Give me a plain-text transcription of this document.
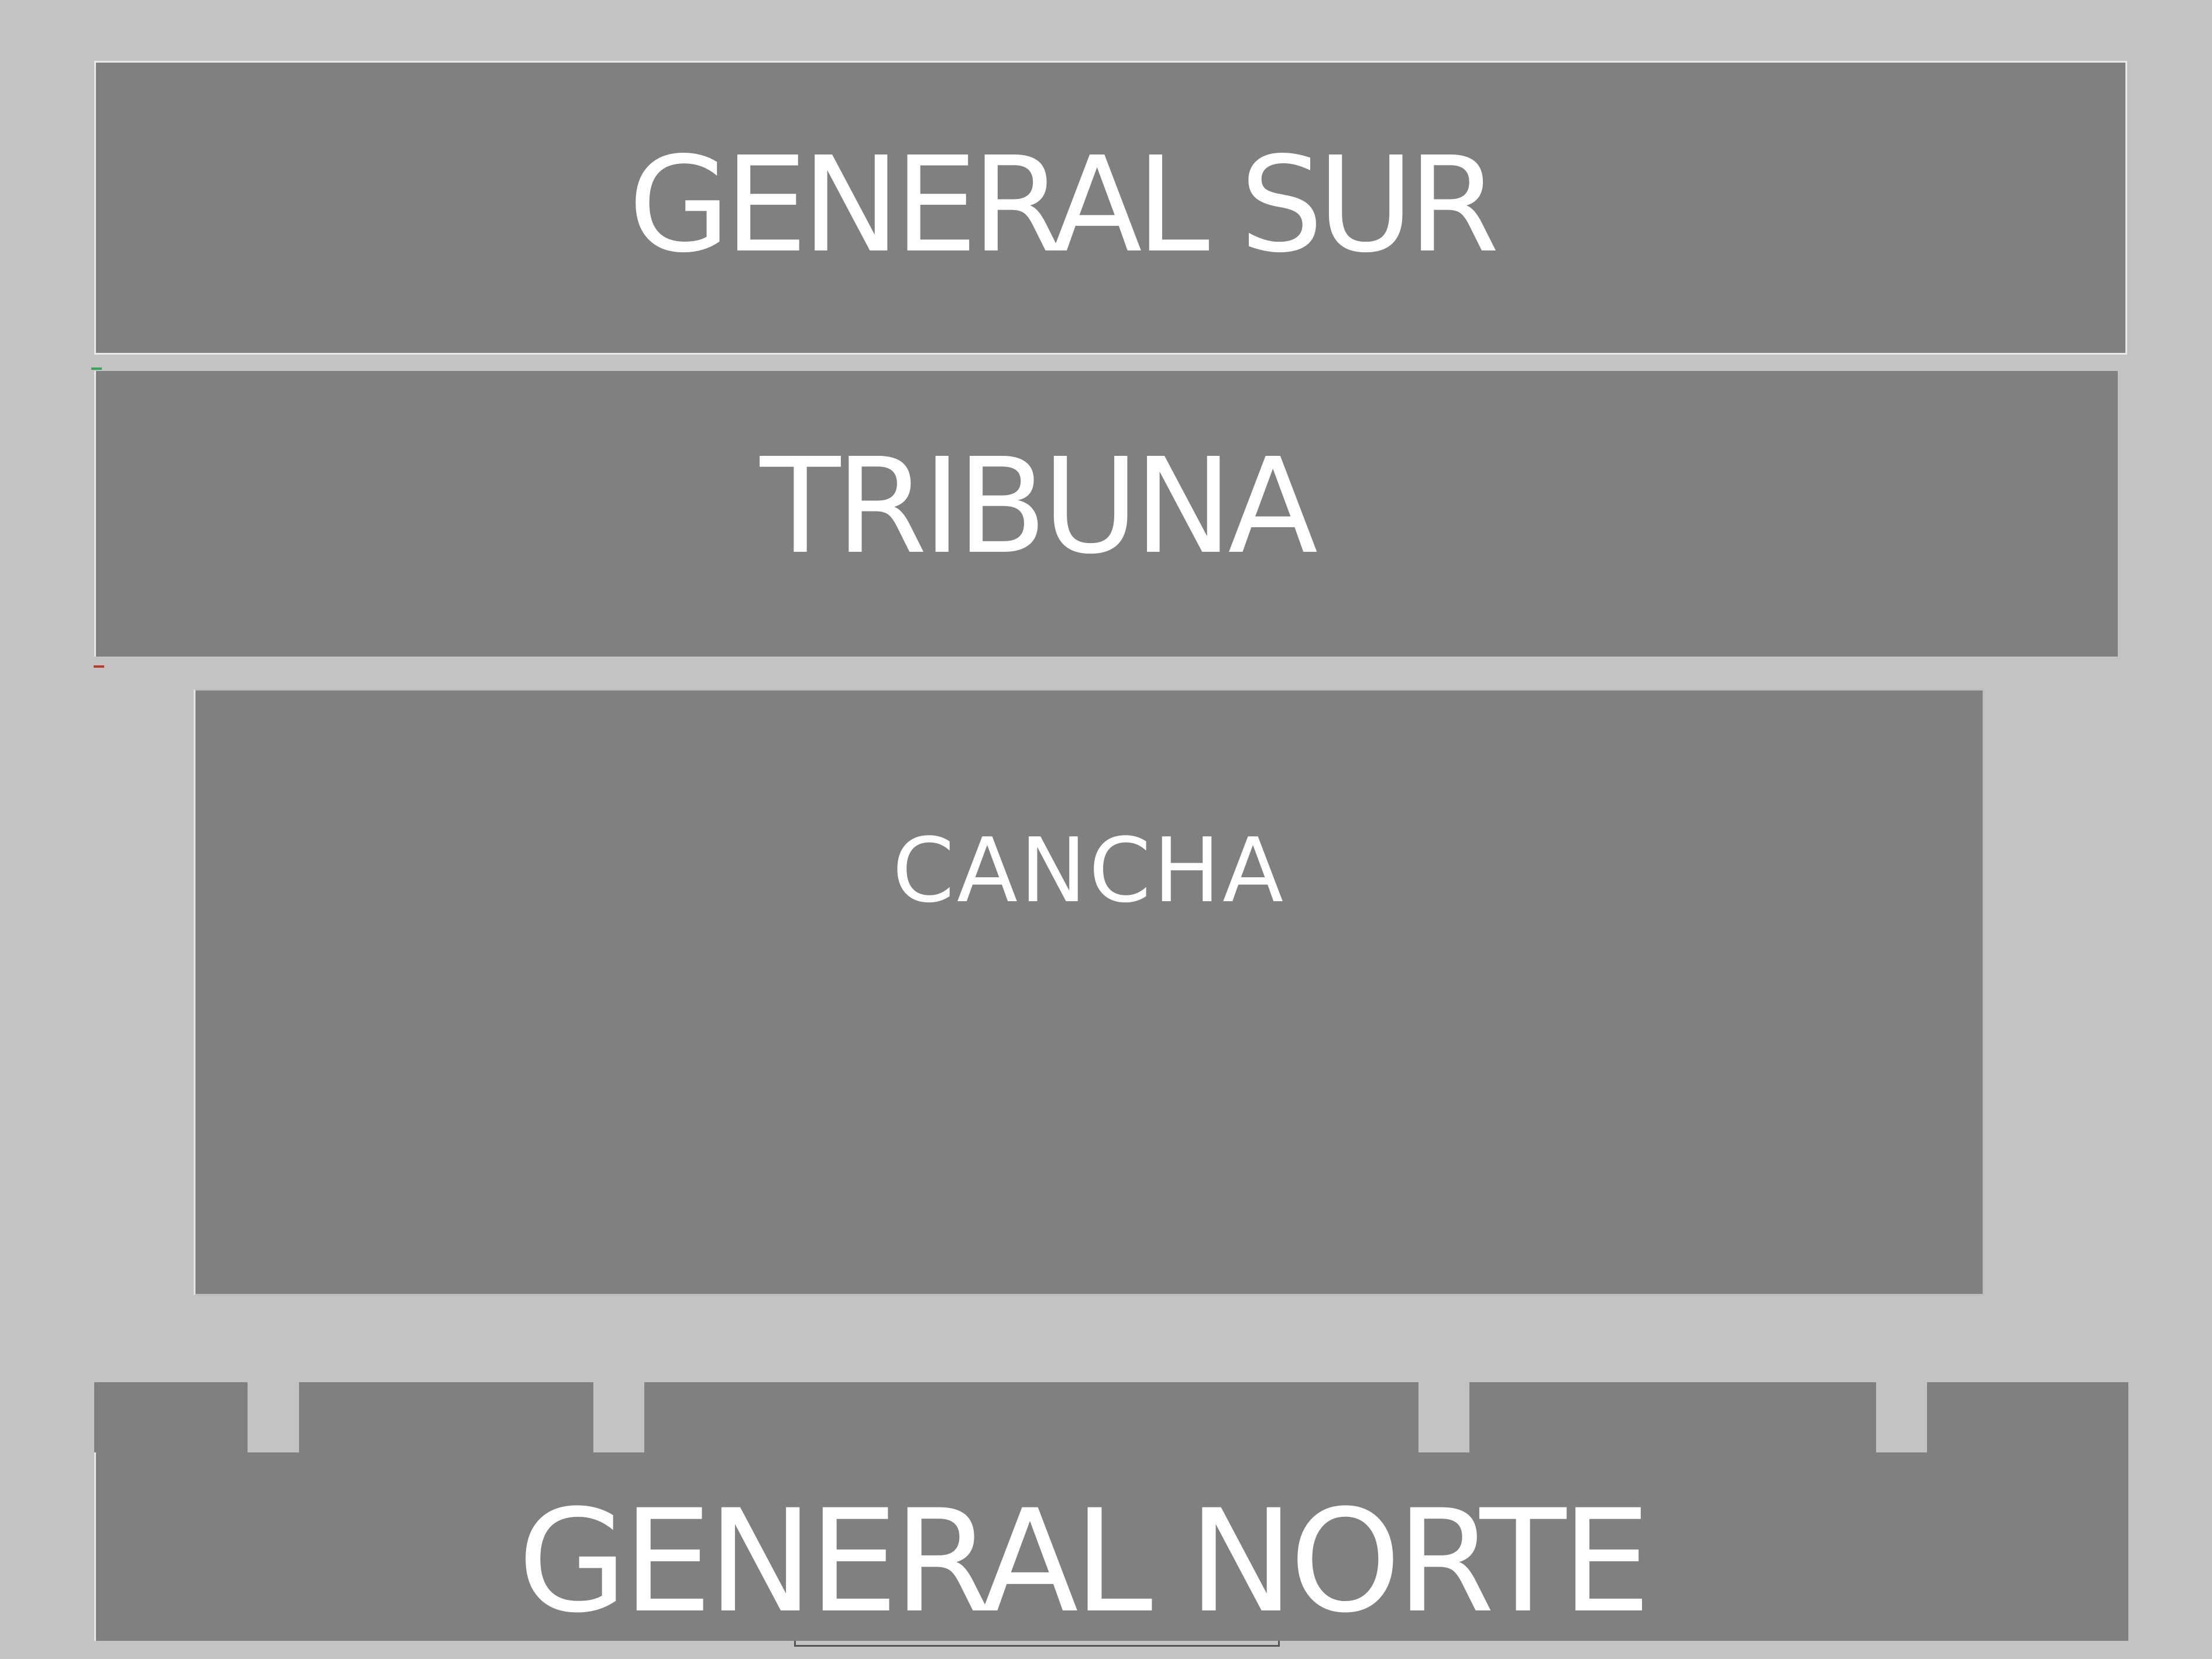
GENERAL SUR
TRIBUNA
CANCHA
GENERAL NORTE
